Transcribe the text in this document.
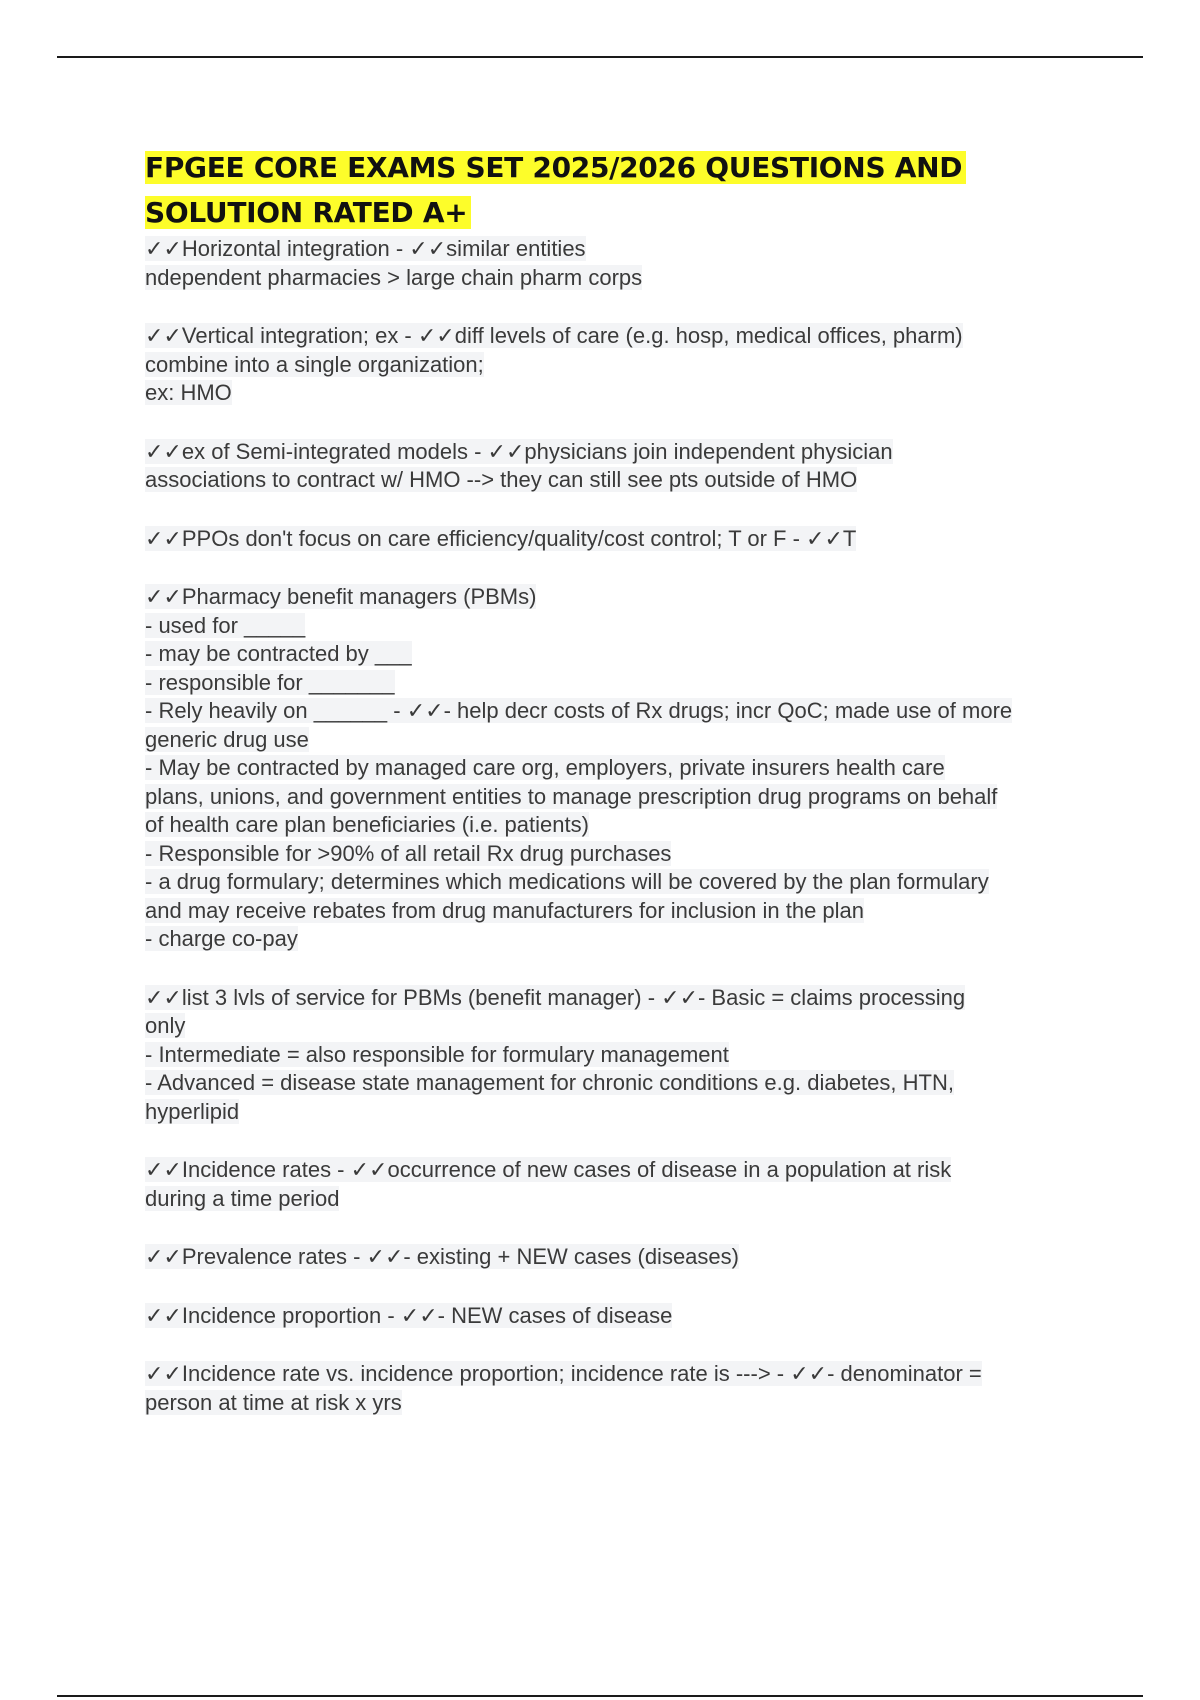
FPGEE CORE EXAMS SET 2025/2026 QUESTIONS AND SOLUTION RATED A+
✓✓Horizontal integration - ✓✓similar entities
ndependent pharmacies > large chain pharm corps
✓✓Vertical integration; ex - ✓✓diff levels of care (e.g. hosp, medical offices, pharm)
combine into a single organization;
ex: HMO
✓✓ex of Semi-integrated models - ✓✓physicians join independent physician
associations to contract w/ HMO --> they can still see pts outside of HMO
✓✓PPOs don't focus on care efficiency/quality/cost control; T or F - ✓✓T
✓✓Pharmacy benefit managers (PBMs)
- used for _____
- may be contracted by ___
- responsible for _______
- Rely heavily on ______ - ✓✓- help decr costs of Rx drugs; incr QoC; made use of more
generic drug use
- May be contracted by managed care org, employers, private insurers health care
plans, unions, and government entities to manage prescription drug programs on behalf
of health care plan beneficiaries (i.e. patients)
- Responsible for >90% of all retail Rx drug purchases
- a drug formulary; determines which medications will be covered by the plan formulary
and may receive rebates from drug manufacturers for inclusion in the plan
- charge co-pay
✓✓list 3 lvls of service for PBMs (benefit manager) - ✓✓- Basic = claims processing
only
- Intermediate = also responsible for formulary management
- Advanced = disease state management for chronic conditions e.g. diabetes, HTN,
hyperlipid
✓✓Incidence rates - ✓✓occurrence of new cases of disease in a population at risk
during a time period
✓✓Prevalence rates - ✓✓- existing + NEW cases (diseases)
✓✓Incidence proportion - ✓✓- NEW cases of disease
✓✓Incidence rate vs. incidence proportion; incidence rate is ---> - ✓✓- denominator =
person at time at risk x yrs
